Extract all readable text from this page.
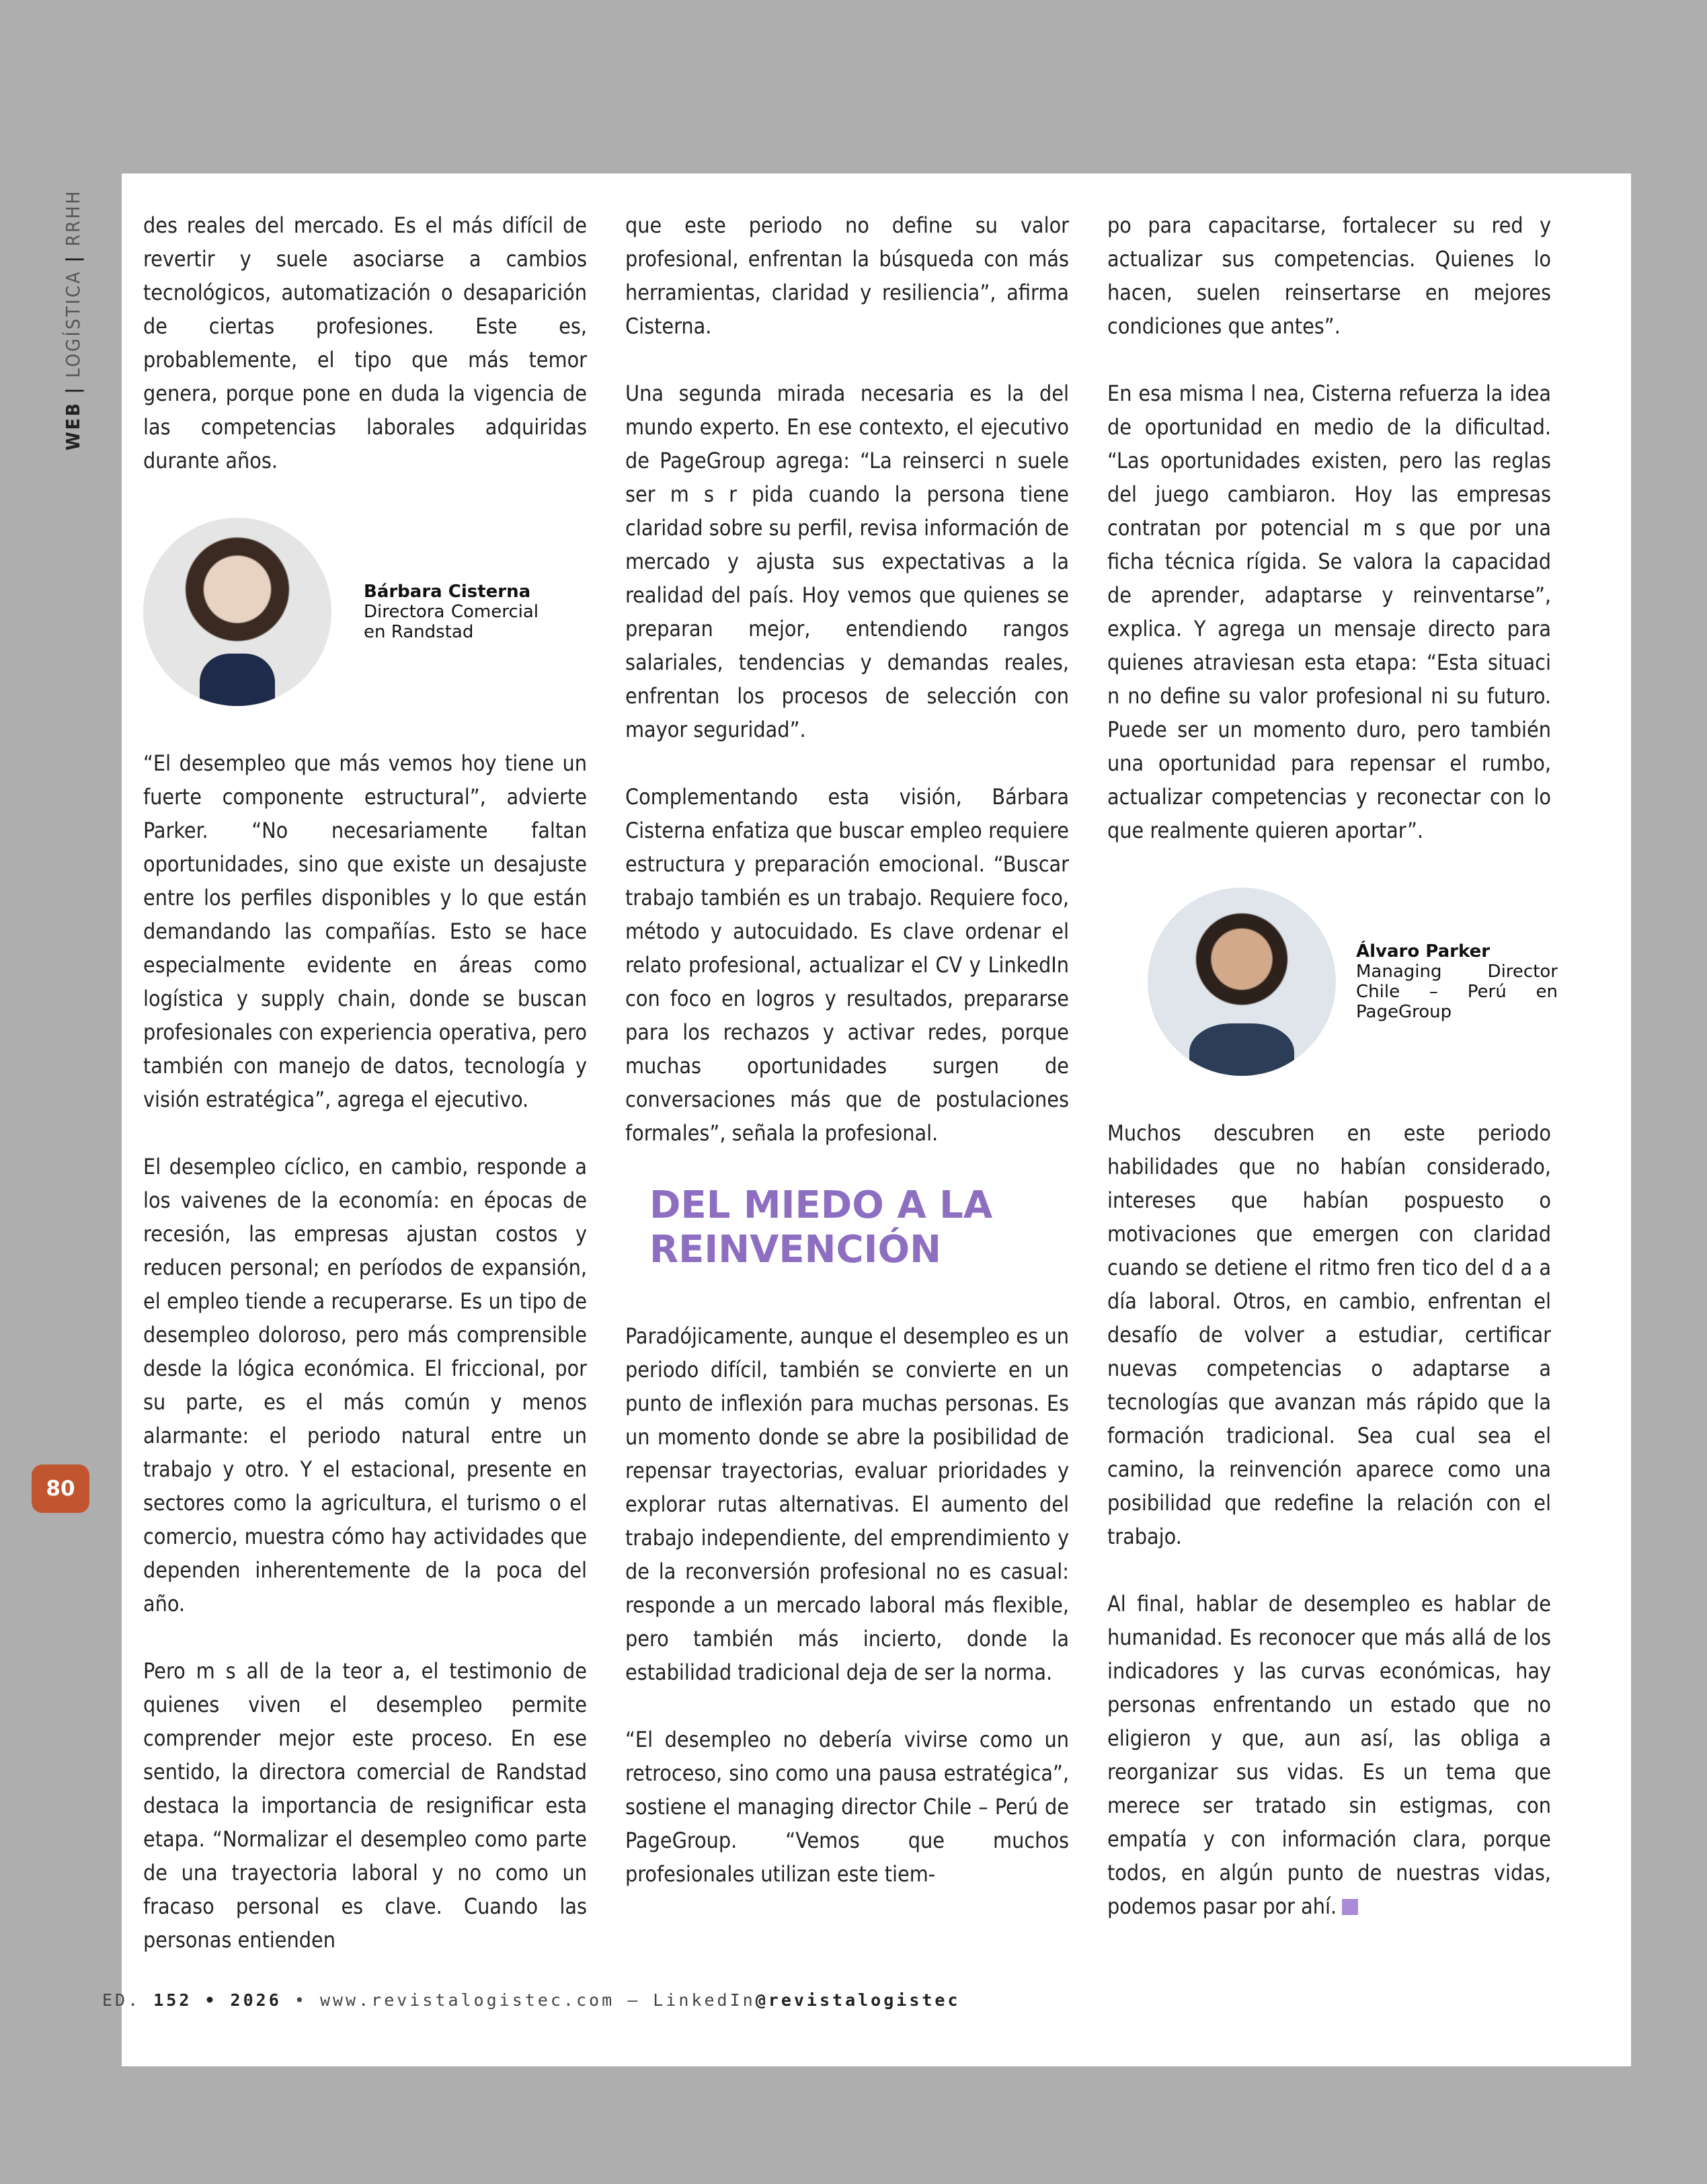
WEB | LOGÍSTICA | RRHH
80

des reales del mercado. Es el más difícil de revertir y suele asociarse a cambios tecnológicos, automatización o desaparición de ciertas profesiones. Este es, probablemente, el tipo que más temor genera, porque pone en duda la vigencia de las competencias laborales adquiridas durante años.

Bárbara Cisterna
Directora Comercial en Randstad

“El desempleo que más vemos hoy tiene un fuerte componente estructural”, advierte Parker. “No necesariamente faltan oportunidades, sino que existe un desajuste entre los perfiles disponibles y lo que están demandando las compañías. Esto se hace especialmente evidente en áreas como logística y supply chain, donde se buscan profesionales con experiencia operativa, pero también con manejo de datos, tecnología y visión estratégica”, agrega el ejecutivo.

El desempleo cíclico, en cambio, responde a los vaivenes de la economía: en épocas de recesión, las empresas ajustan costos y reducen personal; en períodos de expansión, el empleo tiende a recuperarse. Es un tipo de desempleo doloroso, pero más comprensible desde la lógica económica. El friccional, por su parte, es el más común y menos alarmante: el periodo natural entre un trabajo y otro. Y el estacional, presente en sectores como la agricultura, el turismo o el comercio, muestra cómo hay actividades que dependen inherentemente de la poca del año.

Pero m s all de la teor a, el testimonio de quienes viven el desempleo permite comprender mejor este proceso. En ese sentido, la directora comercial de Randstad destaca la importancia de resignificar esta etapa. “Normalizar el desempleo como parte de una trayectoria laboral y no como un fracaso personal es clave. Cuando las personas entienden

que este periodo no define su valor profesional, enfrentan la búsqueda con más herramientas, claridad y resiliencia”, afirma Cisterna.

Una segunda mirada necesaria es la del mundo experto. En ese contexto, el ejecutivo de PageGroup agrega: “La reinserci n suele ser m s r pida cuando la persona tiene claridad sobre su perfil, revisa información de mercado y ajusta sus expectativas a la realidad del país. Hoy vemos que quienes se preparan mejor, entendiendo rangos salariales, tendencias y demandas reales, enfrentan los procesos de selección con mayor seguridad”.

Complementando esta visión, Bárbara Cisterna enfatiza que buscar empleo requiere estructura y preparación emocional. “Buscar trabajo también es un trabajo. Requiere foco, método y autocuidado. Es clave ordenar el relato profesional, actualizar el CV y LinkedIn con foco en logros y resultados, prepararse para los rechazos y activar redes, porque muchas oportunidades surgen de conversaciones más que de postulaciones formales”, señala la profesional.

DEL MIEDO A LA
REINVENCIÓN

Paradójicamente, aunque el desempleo es un periodo difícil, también se convierte en un punto de inflexión para muchas personas. Es un momento donde se abre la posibilidad de repensar trayectorias, evaluar prioridades y explorar rutas alternativas. El aumento del trabajo independiente, del emprendimiento y de la reconversión profesional no es casual: responde a un mercado laboral más flexible, pero también más incierto, donde la estabilidad tradicional deja de ser la norma.

“El desempleo no debería vivirse como un retroceso, sino como una pausa estratégica”, sostiene el managing director Chile – Perú de PageGroup. “Vemos que muchos profesionales utilizan este tiem-

po para capacitarse, fortalecer su red y actualizar sus competencias. Quienes lo hacen, suelen reinsertarse en mejores condiciones que antes”.

En esa misma l nea, Cisterna refuerza la idea de oportunidad en medio de la dificultad. “Las oportunidades existen, pero las reglas del juego cambiaron. Hoy las empresas contratan por potencial m s que por una ficha técnica rígida. Se valora la capacidad de aprender, adaptarse y reinventarse”, explica. Y agrega un mensaje directo para quienes atraviesan esta etapa: “Esta situaci n no define su valor profesional ni su futuro. Puede ser un momento duro, pero también una oportunidad para repensar el rumbo, actualizar competencias y reconectar con lo que realmente quieren aportar”.

Álvaro Parker
Managing Director Chile – Perú en PageGroup

Muchos descubren en este periodo habilidades que no habían considerado, intereses que habían pospuesto o motivaciones que emergen con claridad cuando se detiene el ritmo fren tico del d a a día laboral. Otros, en cambio, enfrentan el desafío de volver a estudiar, certificar nuevas competencias o adaptarse a tecnologías que avanzan más rápido que la formación tradicional. Sea cual sea el camino, la reinvención aparece como una posibilidad que redefine la relación con el trabajo.

Al final, hablar de desempleo es hablar de humanidad. Es reconocer que más allá de los indicadores y las curvas económicas, hay personas enfrentando un estado que no eligieron y que, aun así, las obliga a reorganizar sus vidas. Es un tema que merece ser tratado sin estigmas, con empatía y con información clara, porque todos, en algún punto de nuestras vidas, podemos pasar por ahí.

ED. 152 • 2026 • www.revistalogistec.com – LinkedIn@revistalogistec
